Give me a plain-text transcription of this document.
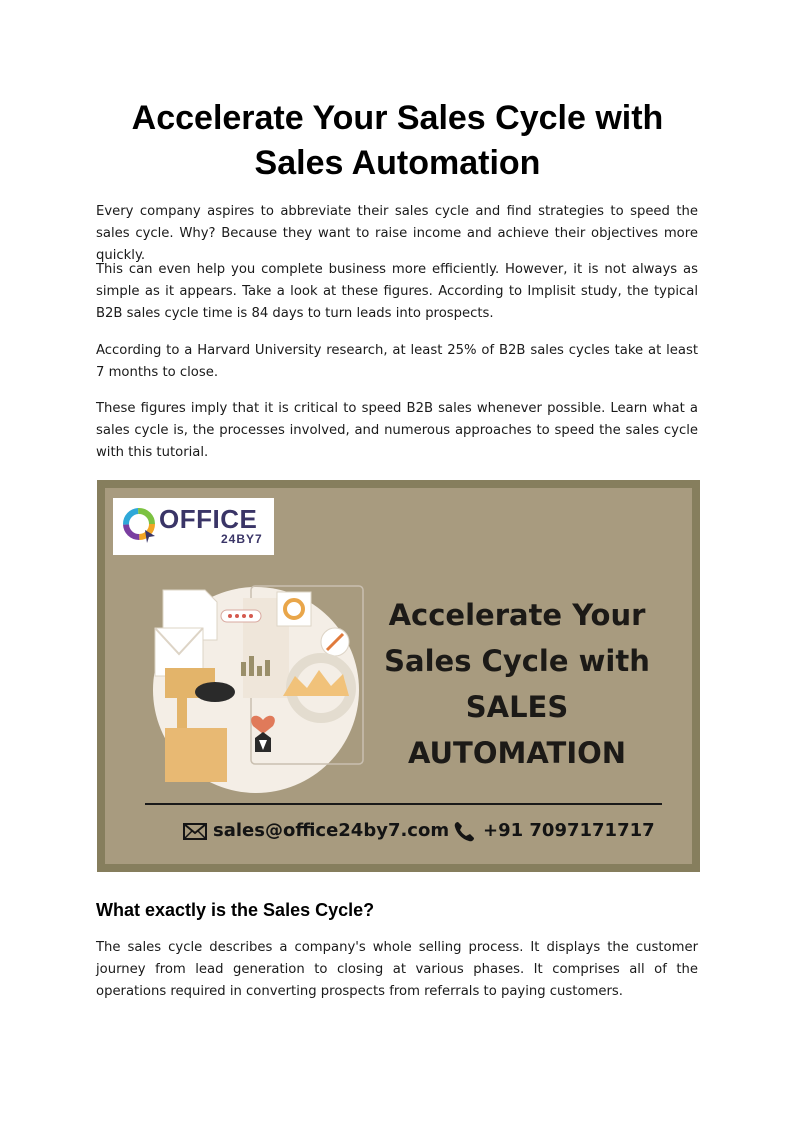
Accelerate Your Sales Cycle with
Sales Automation

Every company aspires to abbreviate their sales cycle and find strategies to speed the sales cycle. Why? Because they want to raise income and achieve their objectives more quickly.

This can even help you complete business more efficiently. However, it is not always as simple as it appears. Take a look at these figures. According to Implisit study, the typical B2B sales cycle time is 84 days to turn leads into prospects.

According to a Harvard University research, at least 25% of B2B sales cycles take at least 7 months to close.

These figures imply that it is critical to speed B2B sales whenever possible. Learn what a sales cycle is, the processes involved, and numerous approaches to speed the sales cycle with this tutorial.

OFFICE
24BY7
Accelerate Your
Sales Cycle with
SALES
AUTOMATION
sales@office24by7.com +91 7097171717
What exactly is the Sales Cycle?

The sales cycle describes a company's whole selling process. It displays the customer journey from lead generation to closing at various phases. It comprises all of the operations required in converting prospects from referrals to paying customers.
